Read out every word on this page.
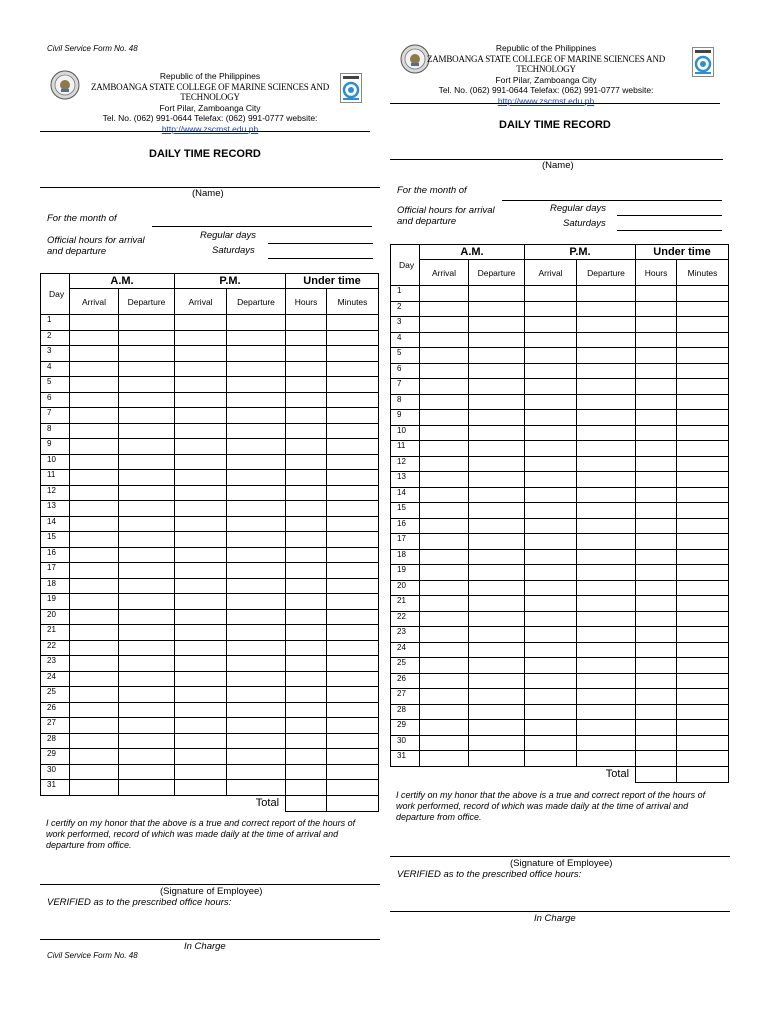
Civil Service Form No. 48
Civil Service Form No. 48
Republic of the Philippines
ZAMBOANGA STATE COLLEGE OF MARINE SCIENCES AND
TECHNOLOGY
Fort Pilar, Zamboanga City
Tel. No. (062) 991-0644 Telefax: (062) 991-0777 website:
http://www.zscmst.edu.ph
DAILY TIME RECORD
(Name)
For the month of
Official hours for arrival
and departure
Regular days
Saturdays
Day	A.M.		P.M.		Under time	
	Arrival	Departure	Arrival	Departure	Hours	Minutes
1						
2						
3						
4						
5						
6						
7						
8						
9						
10						
11						
12						
13						
14						
15						
16						
17						
18						
19						
20						
21						
22						
23						
24						
25						
26						
27						
28						
29						
30						
31						
Total						
I certify on my honor that the above is a true and correct report of the hours of work performed, record of which was made daily at the time of arrival and departure from office.
(Signature of Employee)
VERIFIED as to the prescribed office hours:
In Charge
Republic of the Philippines
ZAMBOANGA STATE COLLEGE OF MARINE SCIENCES AND
TECHNOLOGY
Fort Pilar, Zamboanga City
Tel. No. (062) 991-0644 Telefax: (062) 991-0777 website:
http://www.zscmst.edu.ph
DAILY TIME RECORD
(Name)
For the month of
Official hours for arrival
and departure
Regular days
Saturdays
Day	A.M.		P.M.		Under time	
	Arrival	Departure	Arrival	Departure	Hours	Minutes
1						
2						
3						
4						
5						
6						
7						
8						
9						
10						
11						
12						
13						
14						
15						
16						
17						
18						
19						
20						
21						
22						
23						
24						
25						
26						
27						
28						
29						
30						
31						
Total						
I certify on my honor that the above is a true and correct report of the hours of work performed, record of which was made daily at the time of arrival and departure from office.
(Signature of Employee)
VERIFIED as to the prescribed office hours:
In Charge
